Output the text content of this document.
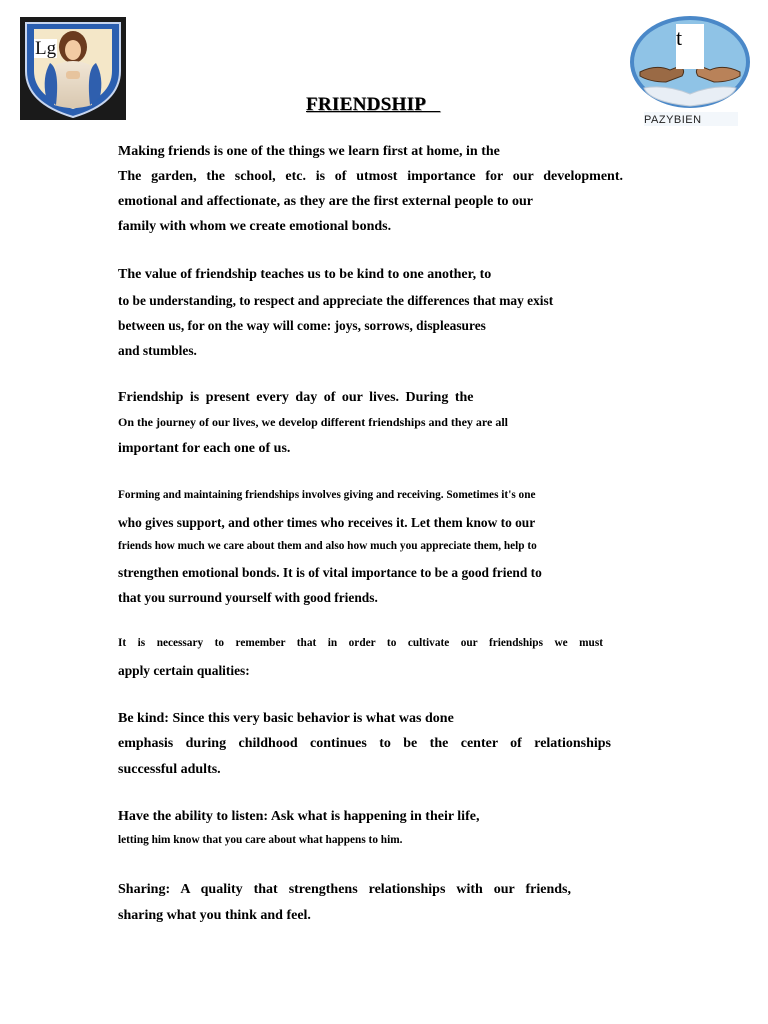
Lg	t
PAZYBIEN
FRIENDSHIP
Making friends is one of the things we learn first at home, in the
The garden, the school, etc. is of utmost importance for our development.
emotional and affectionate, as they are the first external people to our
family with whom we create emotional bonds.
The value of friendship teaches us to be kind to one another, to
to be understanding, to respect and appreciate the differences that may exist
between us, for on the way will come: joys, sorrows, displeasures
and stumbles.
Friendship is present every day of our lives. During the
On the journey of our lives, we develop different friendships and they are all
important for each one of us.
Forming and maintaining friendships involves giving and receiving. Sometimes it's one
who gives support, and other times who receives it. Let them know to our
friends how much we care about them and also how much you appreciate them, help to
strengthen emotional bonds. It is of vital importance to be a good friend to
that you surround yourself with good friends.
It is necessary to remember that in order to cultivate our friendships we must
apply certain qualities:
Be kind: Since this very basic behavior is what was done
emphasis during childhood continues to be the center of relationships
successful adults.
Have the ability to listen: Ask what is happening in their life,
letting him know that you care about what happens to him.
Sharing: A quality that strengthens relationships with our friends,
sharing what you think and feel.
